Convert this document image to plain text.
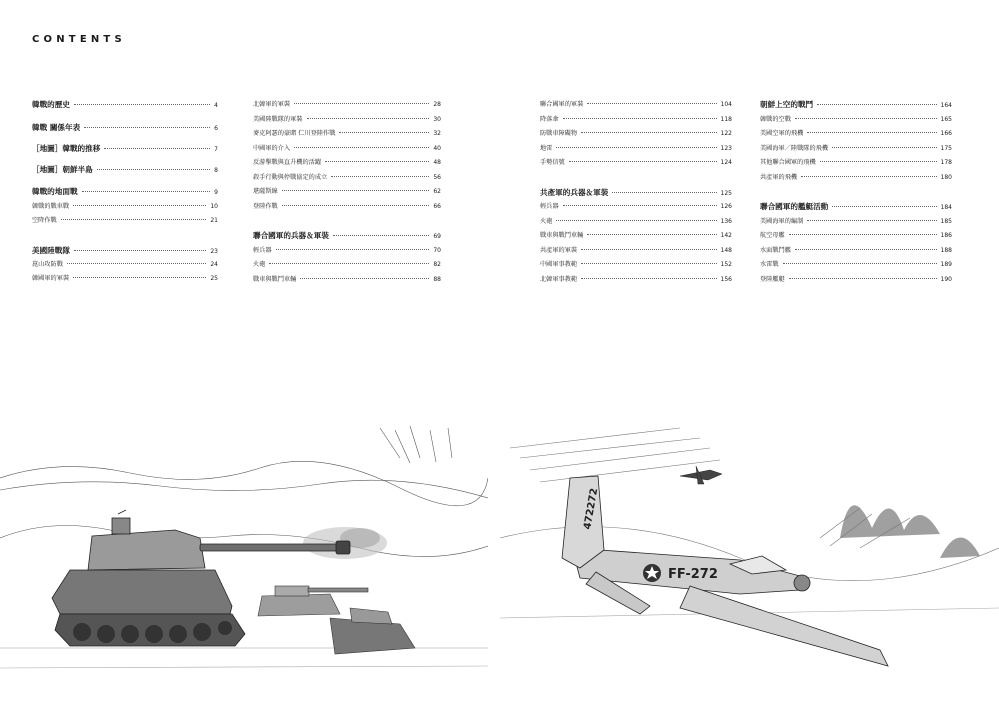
CONTENTS
韓戰的歷史	4
韓戰 關係年表	6
［地圖］韓戰的推移	7
［地圖］朝鮮半島	8
韓戰的地面戰	9
韓戰的戰車戰	10
空降作戰	21
美國陸戰隊	23
崑山攻防戰	24
韓國軍的軍裝	25
北韓軍的軍裝	28
美國陸戰隊的軍裝	30
麥克阿瑟的豪賭 仁川登陸作戰	32
中國軍的介入	40
反游擊戰與直升機的活躍	48
殺手行動與停戰協定的成立	56
堪薩斯線	62
登陸作戰	66
聯合國軍的兵器＆軍裝	69
輕兵器	70
火砲	82
戰車與戰鬥車輛	88
聯合國軍的軍裝	104
降落傘	118
防戰車障礙物	122
地雷	123
手勢信號	124
共產軍的兵器＆軍裝	125
輕兵器	126
火砲	136
戰車與戰鬥車輛	142
共產軍的軍裝	148
中國軍事教範	152
北韓軍事教範	156
朝鮮上空的戰鬥	164
韓戰的空戰	165
美國空軍的飛機	166
美國海軍／陸戰隊的飛機	175
其他聯合國軍的飛機	178
共產軍的飛機	180
聯合國軍的艦艇活動	184
美國海軍的編制	185
航空母艦	186
水面戰鬥艦	188
水雷戰	189
登陸艦艇	190
472272
FF-272
